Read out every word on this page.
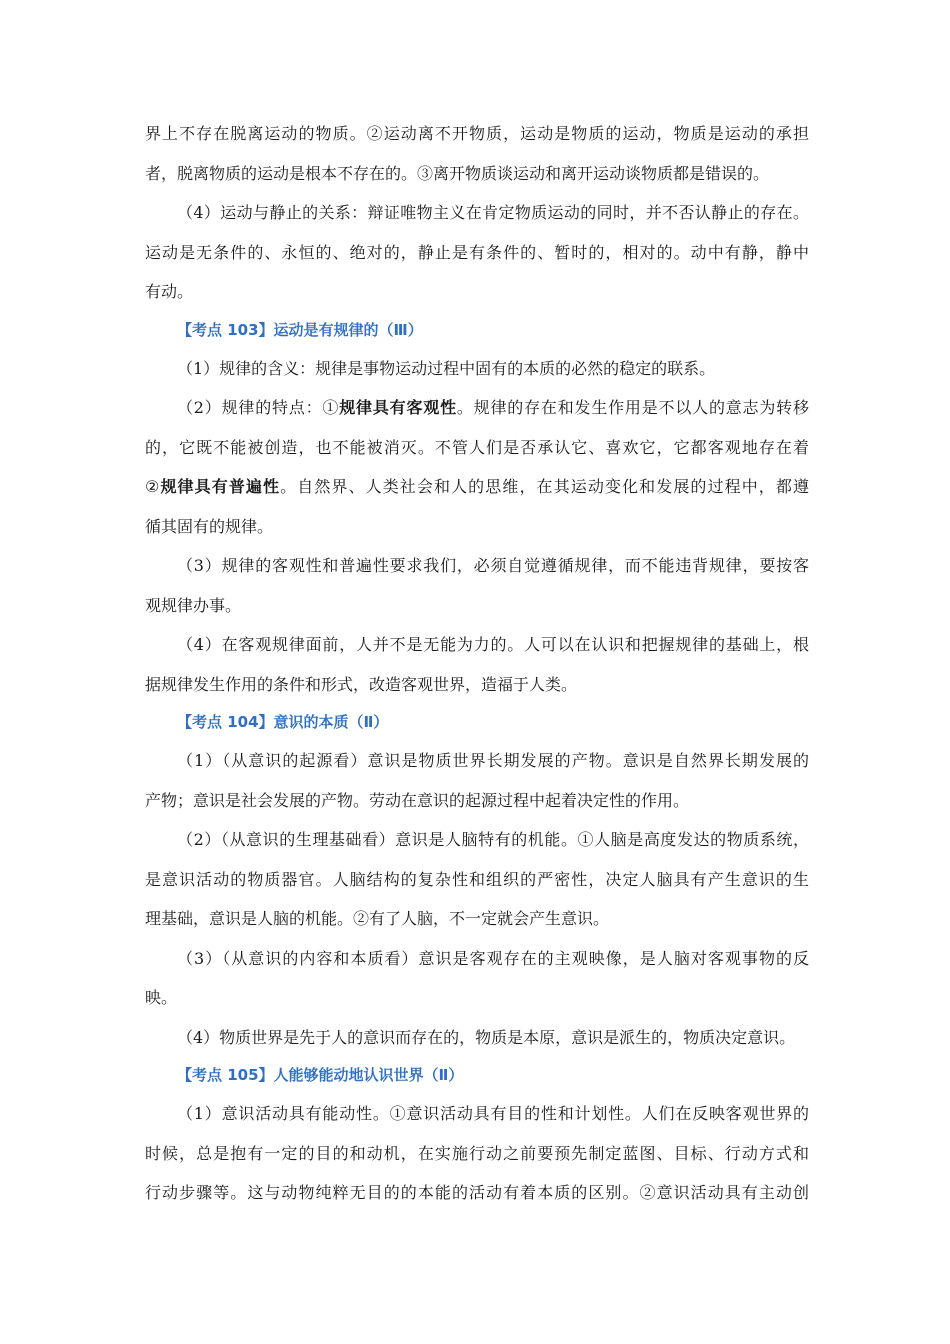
界上不存在脱离运动的物质。②运动离不开物质，运动是物质的运动，物质是运动的承担
者，脱离物质的运动是根本不存在的。③离开物质谈运动和离开运动谈物质都是错误的。
（4）运动与静止的关系：辩证唯物主义在肯定物质运动的同时，并不否认静止的存在。
运动是无条件的、永恒的、绝对的，静止是有条件的、暂时的，相对的。动中有静，静中
有动。
【考点 103】运动是有规律的（Ⅲ）
（1）规律的含义：规律是事物运动过程中固有的本质的必然的稳定的联系。
（2）规律的特点：①规律具有客观性。规律的存在和发生作用是不以人的意志为转移
的，它既不能被创造，也不能被消灭。不管人们是否承认它、喜欢它，它都客观地存在着
②规律具有普遍性。自然界、人类社会和人的思维，在其运动变化和发展的过程中，都遵
循其固有的规律。
（3）规律的客观性和普遍性要求我们，必须自觉遵循规律，而不能违背规律，要按客
观规律办事。
（4）在客观规律面前，人并不是无能为力的。人可以在认识和把握规律的基础上，根
据规律发生作用的条件和形式，改造客观世界，造福于人类。
【考点 104】意识的本质（Ⅱ）
（1）（从意识的起源看）意识是物质世界长期发展的产物。意识是自然界长期发展的
产物；意识是社会发展的产物。劳动在意识的起源过程中起着决定性的作用。
（2）（从意识的生理基础看）意识是人脑特有的机能。①人脑是高度发达的物质系统，
是意识活动的物质器官。人脑结构的复杂性和组织的严密性，决定人脑具有产生意识的生
理基础，意识是人脑的机能。②有了人脑，不一定就会产生意识。
（3）（从意识的内容和本质看）意识是客观存在的主观映像，是人脑对客观事物的反
映。
（4）物质世界是先于人的意识而存在的，物质是本原，意识是派生的，物质决定意识。
【考点 105】人能够能动地认识世界（Ⅱ）
（1）意识活动具有能动性。①意识活动具有目的性和计划性。人们在反映客观世界的
时候，总是抱有一定的目的和动机，在实施行动之前要预先制定蓝图、目标、行动方式和
行动步骤等。这与动物纯粹无目的的本能的活动有着本质的区别。②意识活动具有主动创
